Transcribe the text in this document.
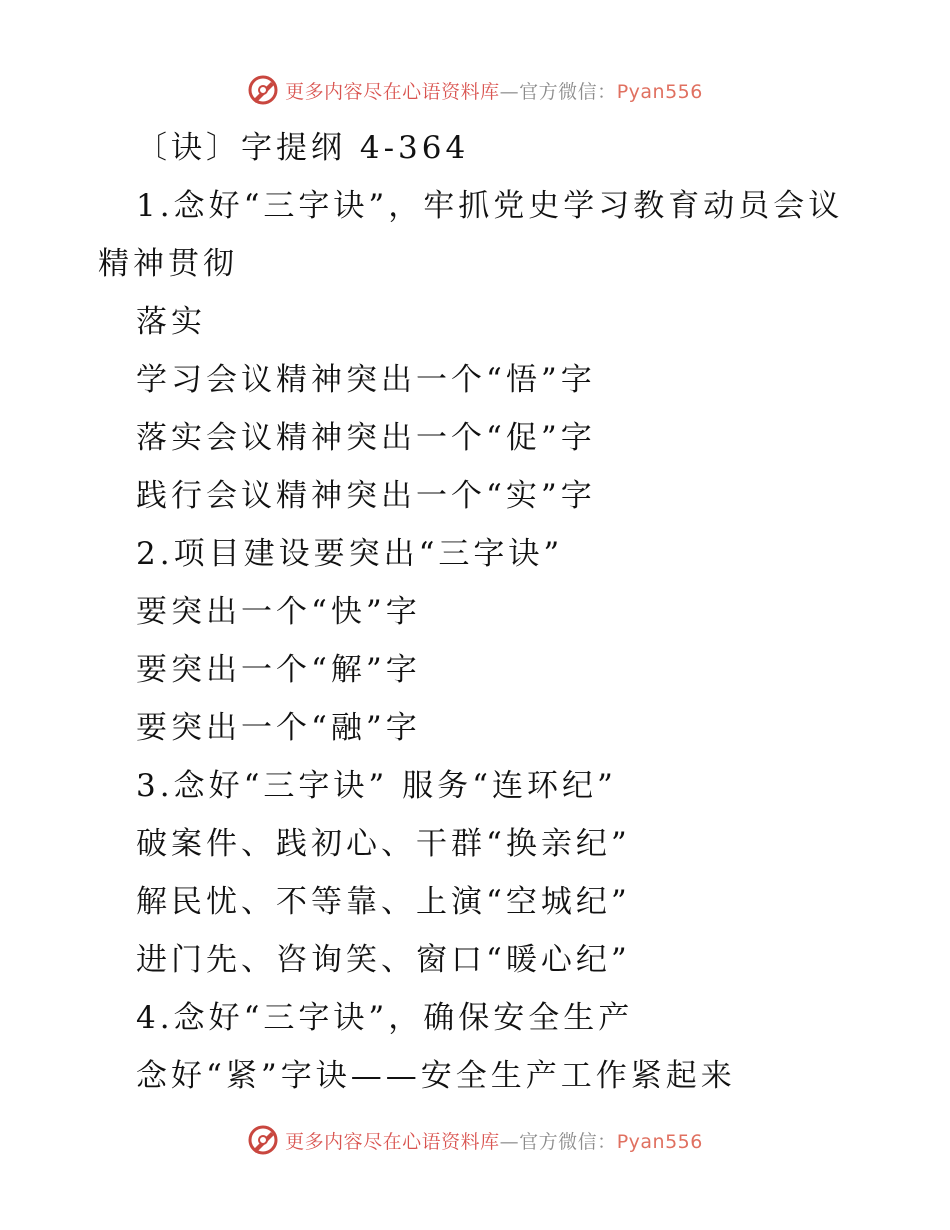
更多内容尽在心语资料库—官方微信：Pyan556
〔诀〕字提纲 4-364
1.念好“三字诀”，牢抓党史学习教育动员会议
精神贯彻
落实
学习会议精神突出一个“悟”字
落实会议精神突出一个“促”字
践行会议精神突出一个“实”字
2.项目建设要突出“三字诀”
要突出一个“快”字
要突出一个“解”字
要突出一个“融”字
3.念好“三字诀” 服务“连环纪”
破案件、践初心、干群“换亲纪”
解民忧、不等靠、上演“空城纪”
进门先、咨询笑、窗口“暖心纪”
4.念好“三字诀”，确保安全生产
念好“紧”字诀——安全生产工作紧起来
更多内容尽在心语资料库—官方微信：Pyan556
